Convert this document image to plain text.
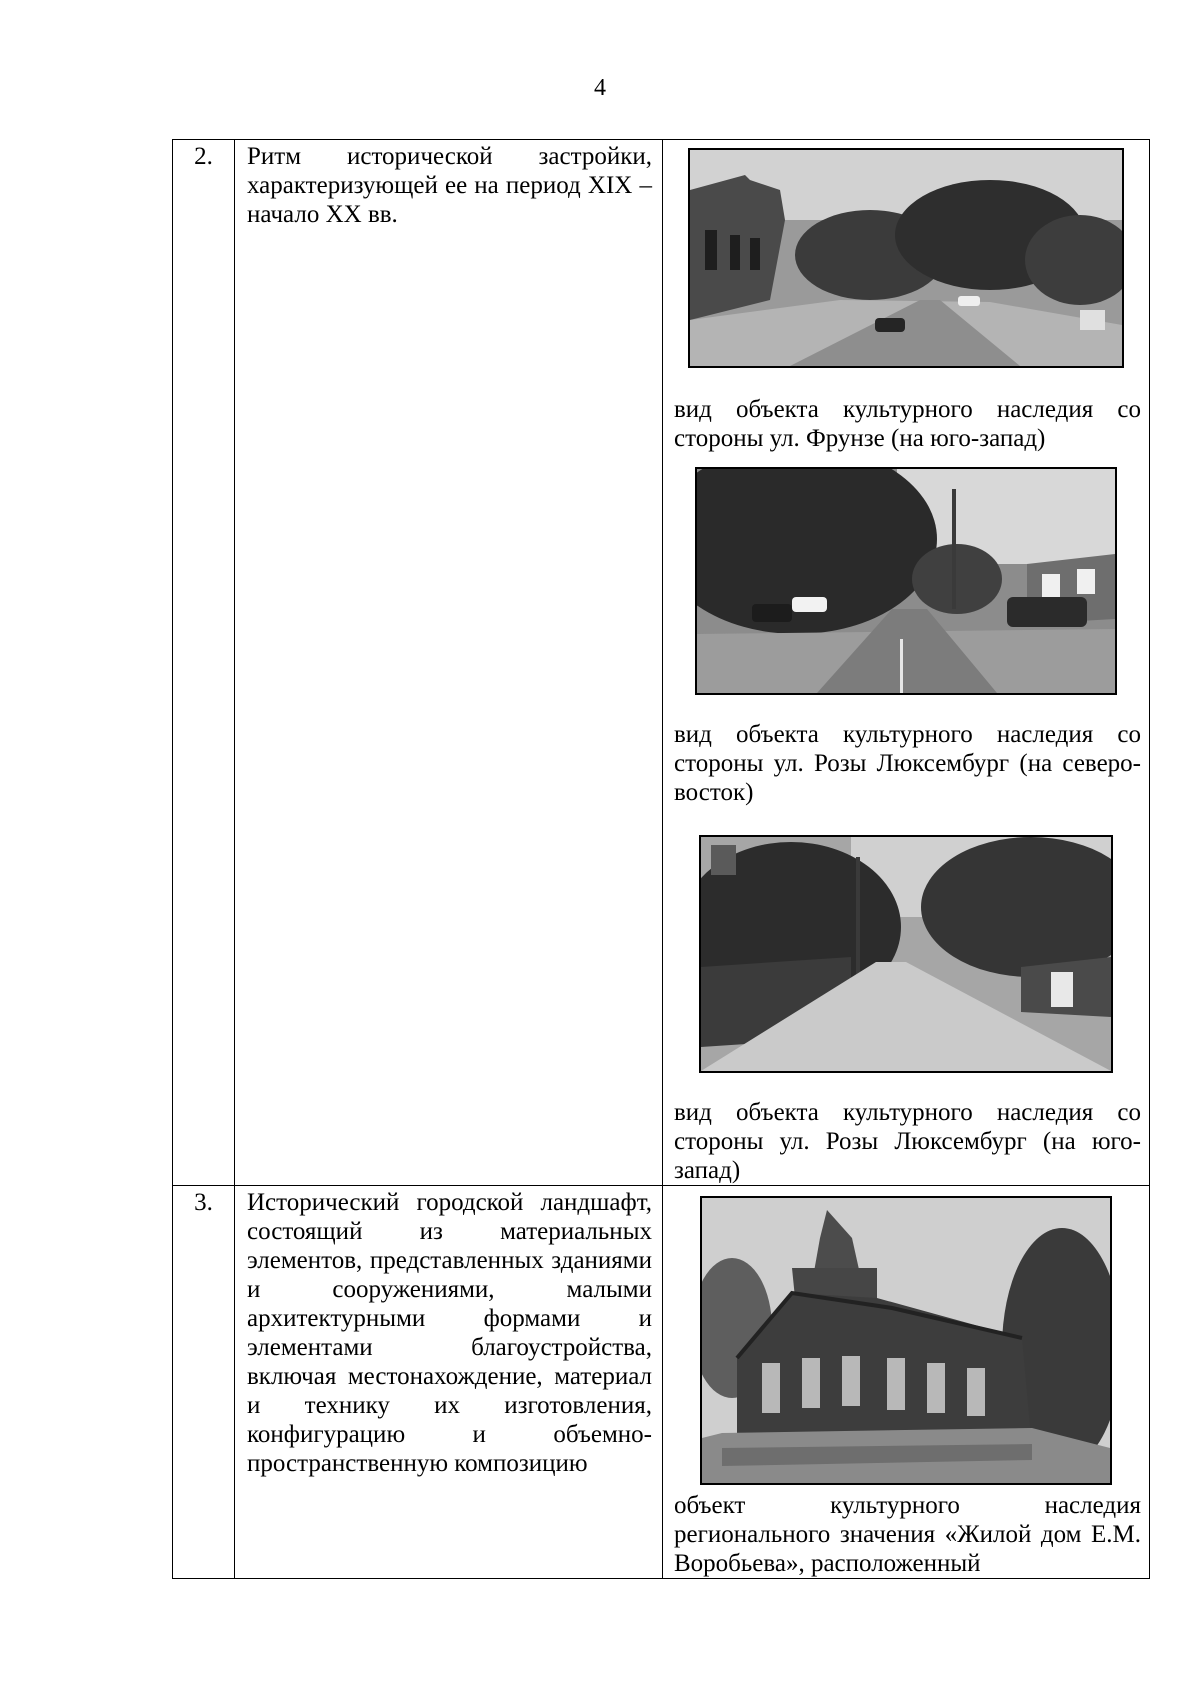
4
2.	Ритм исторической застройки, характеризующей ее на период XIX – начало XX вв.	вид объекта культурного наследия со стороны ул. Фрунзе (на юго-запад)
вид объекта культурного наследия со стороны ул. Розы Люксембург (на северо-восток)
вид объекта культурного наследия со стороны ул. Розы Люксембург (на юго-запад)

3.	Исторический городской ландшафт, состоящий из материальных элементов, представленных зданиями и сооружениями, малыми архитектурными формами и элементами благоустройства, включая местонахождение, материал и технику их изготовления, конфигурацию и объемно-пространственную композицию	объект культурного наследия регионального значения «Жилой дом Е.М. Воробьева», расположенный
